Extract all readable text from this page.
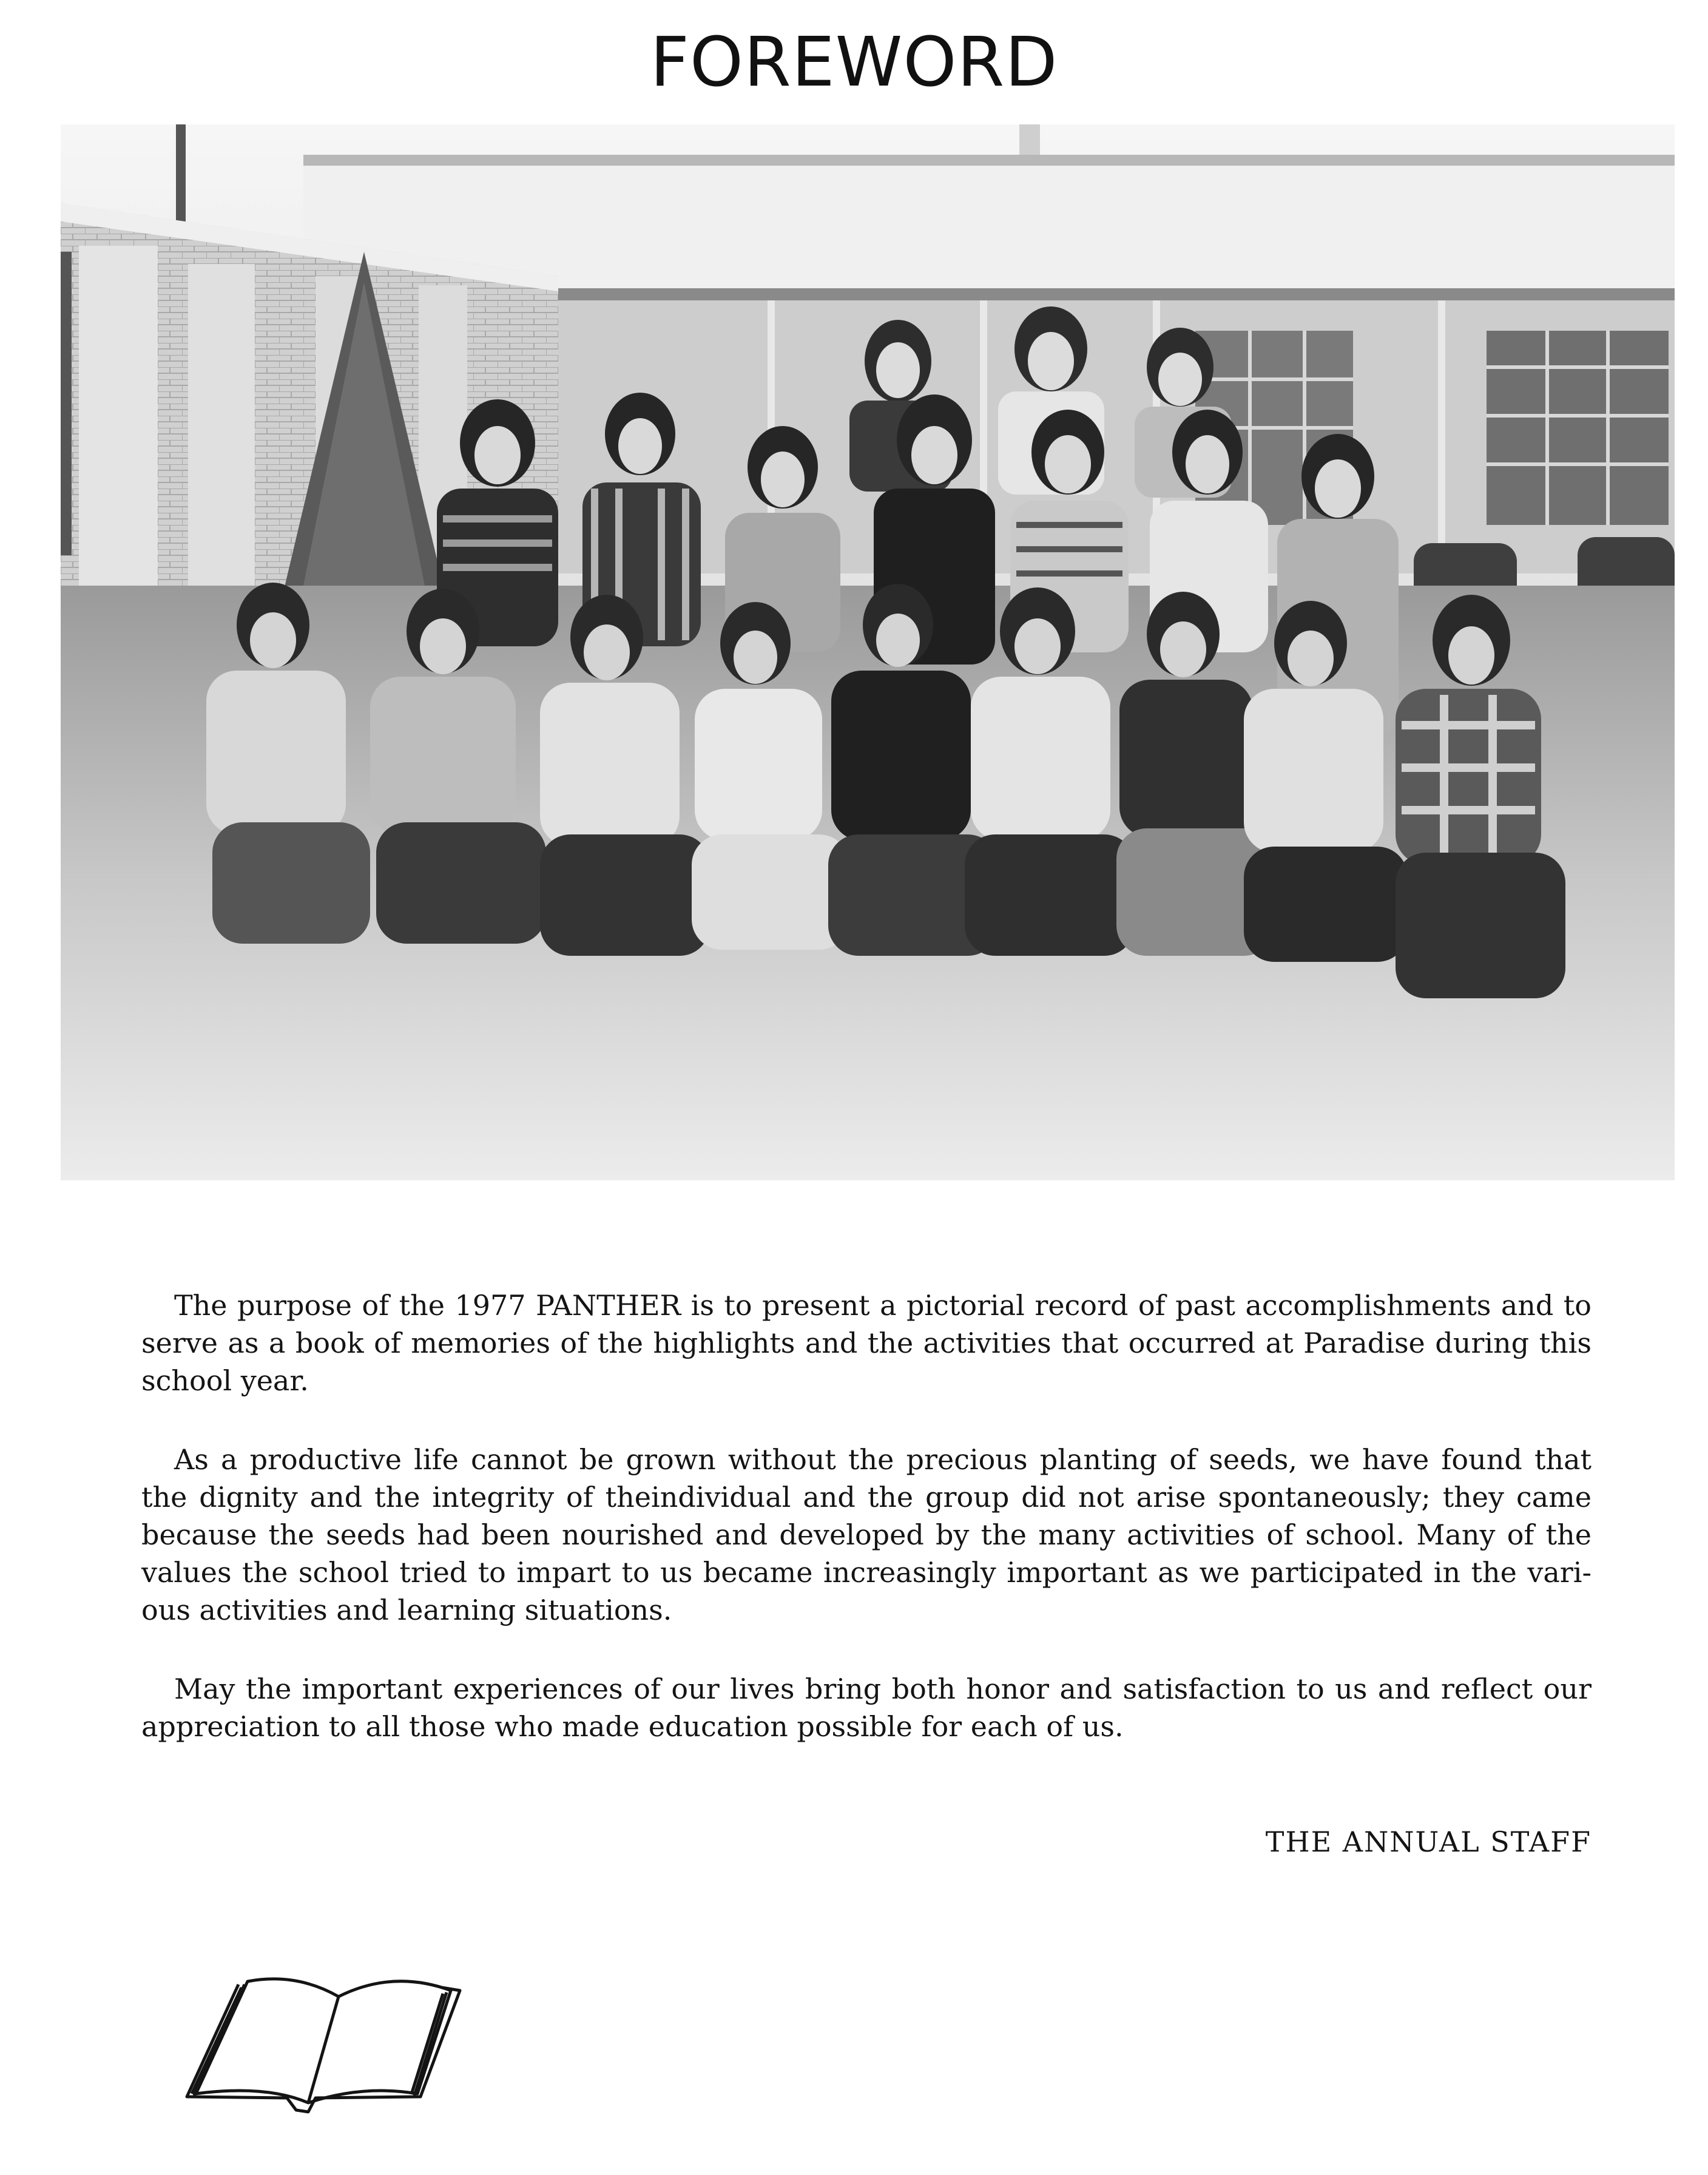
FOREWORD

The purpose of the 1977 PANTHER is to present a pictorial record of past accomplishments and to serve as a book of memories of the highlights and the activities that occurred at Paradise during this school year.

As a productive life cannot be grown without the precious planting of seeds, we have found that the dignity and the integrity of theindividual and the group did not arise spontaneously; they came because the seeds had been nourished and developed by the many activities of school. Many of the values the school tried to impart to us became increasingly important as we participated in the vari-ous activities and learning situations.

May the important experiences of our lives bring both honor and satisfaction to us and reflect our appreciation to all those who made education possible for each of us.

THE ANNUAL STAFF
